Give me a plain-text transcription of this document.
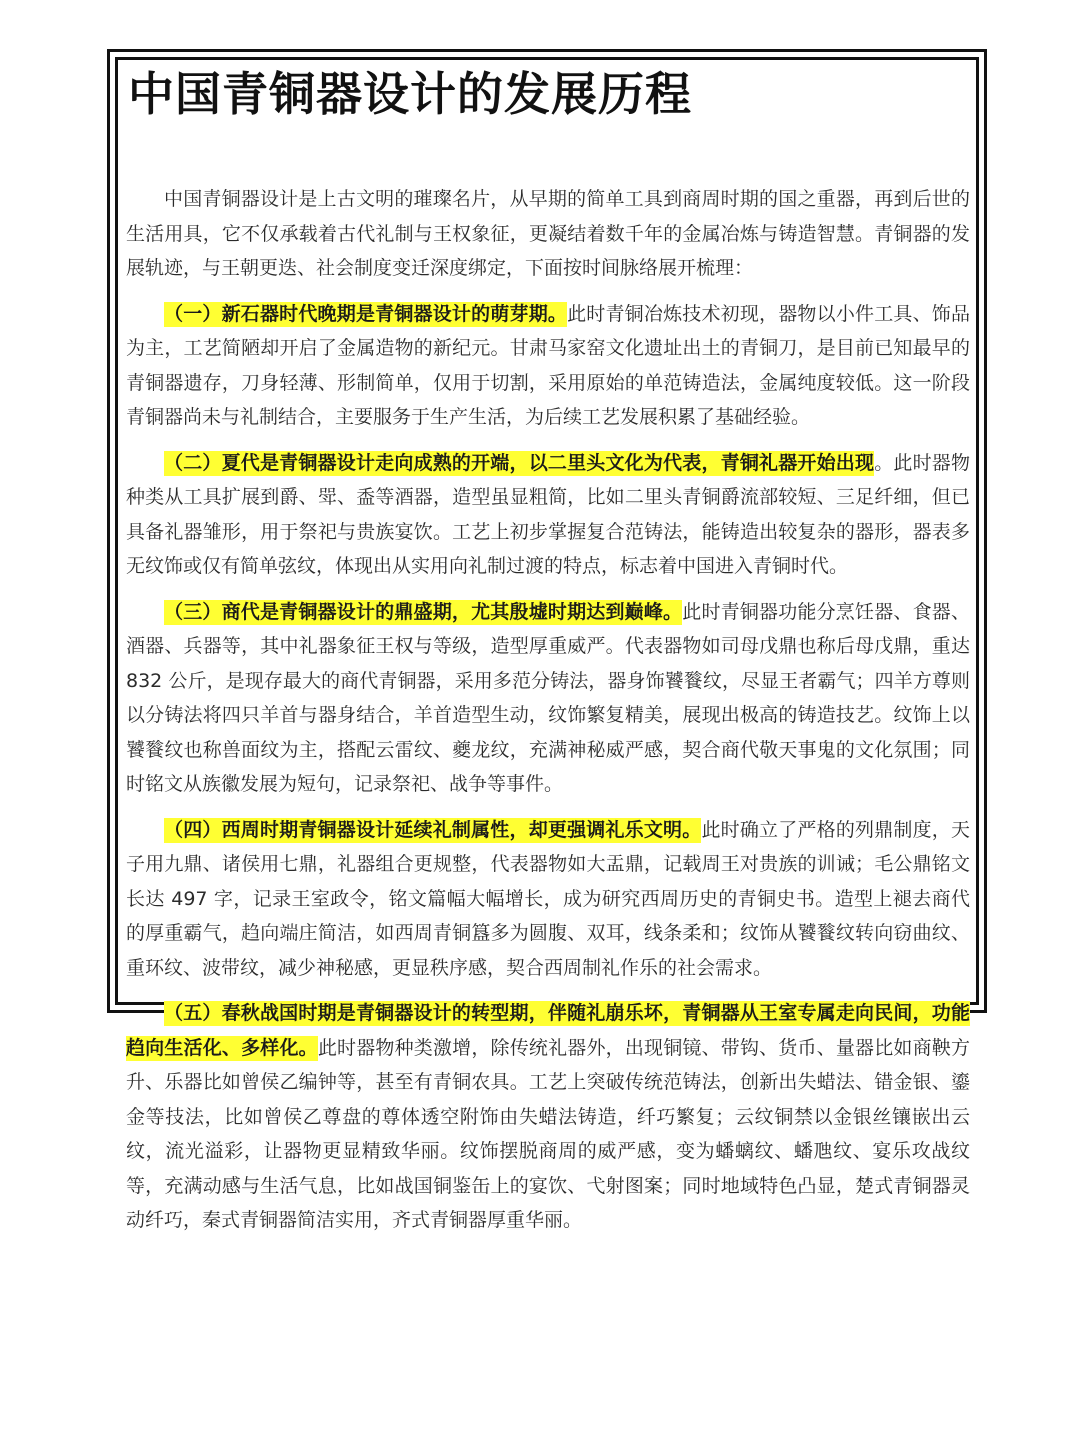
中国青铜器设计的发展历程

中国青铜器设计是上古文明的璀璨名片，从早期的简单工具到商周时期的国之重器，再到后世的生活用具，它不仅承载着古代礼制与王权象征，更凝结着数千年的金属冶炼与铸造智慧。青铜器的发展轨迹，与王朝更迭、社会制度变迁深度绑定，下面按时间脉络展开梳理：

（一）新石器时代晚期是青铜器设计的萌芽期。此时青铜冶炼技术初现，器物以小件工具、饰品为主，工艺简陋却开启了金属造物的新纪元。甘肃马家窑文化遗址出土的青铜刀，是目前已知最早的青铜器遗存，刀身轻薄、形制简单，仅用于切割，采用原始的单范铸造法，金属纯度较低。这一阶段青铜器尚未与礼制结合，主要服务于生产生活，为后续工艺发展积累了基础经验。

（二）夏代是青铜器设计走向成熟的开端，以二里头文化为代表，青铜礼器开始出现。此时器物种类从工具扩展到爵、斝、盉等酒器，造型虽显粗简，比如二里头青铜爵流部较短、三足纤细，但已具备礼器雏形，用于祭祀与贵族宴饮。工艺上初步掌握复合范铸法，能铸造出较复杂的器形，器表多无纹饰或仅有简单弦纹，体现出从实用向礼制过渡的特点，标志着中国进入青铜时代。

（三）商代是青铜器设计的鼎盛期，尤其殷墟时期达到巅峰。此时青铜器功能分烹饪器、食器、酒器、兵器等，其中礼器象征王权与等级，造型厚重威严。代表器物如司母戊鼎也称后母戊鼎，重达 832 公斤，是现存最大的商代青铜器，采用多范分铸法，器身饰饕餮纹，尽显王者霸气；四羊方尊则以分铸法将四只羊首与器身结合，羊首造型生动，纹饰繁复精美，展现出极高的铸造技艺。纹饰上以饕餮纹也称兽面纹为主，搭配云雷纹、夔龙纹，充满神秘威严感，契合商代敬天事鬼的文化氛围；同时铭文从族徽发展为短句，记录祭祀、战争等事件。

（四）西周时期青铜器设计延续礼制属性，却更强调礼乐文明。此时确立了严格的列鼎制度，天子用九鼎、诸侯用七鼎，礼器组合更规整，代表器物如大盂鼎，记载周王对贵族的训诫；毛公鼎铭文长达 497 字，记录王室政令，铭文篇幅大幅增长，成为研究西周历史的青铜史书。造型上褪去商代的厚重霸气，趋向端庄简洁，如西周青铜簋多为圆腹、双耳，线条柔和；纹饰从饕餮纹转向窃曲纹、重环纹、波带纹，减少神秘感，更显秩序感，契合西周制礼作乐的社会需求。

（五）春秋战国时期是青铜器设计的转型期，伴随礼崩乐坏，青铜器从王室专属走向民间，功能趋向生活化、多样化。此时器物种类激增，除传统礼器外，出现铜镜、带钩、货币、量器比如商鞅方升、乐器比如曾侯乙编钟等，甚至有青铜农具。工艺上突破传统范铸法，创新出失蜡法、错金银、鎏金等技法，比如曾侯乙尊盘的尊体透空附饰由失蜡法铸造，纤巧繁复；云纹铜禁以金银丝镶嵌出云纹，流光溢彩，让器物更显精致华丽。纹饰摆脱商周的威严感，变为蟠螭纹、蟠虺纹、宴乐攻战纹等，充满动感与生活气息，比如战国铜鉴缶上的宴饮、弋射图案；同时地域特色凸显，楚式青铜器灵动纤巧，秦式青铜器简洁实用，齐式青铜器厚重华丽。
